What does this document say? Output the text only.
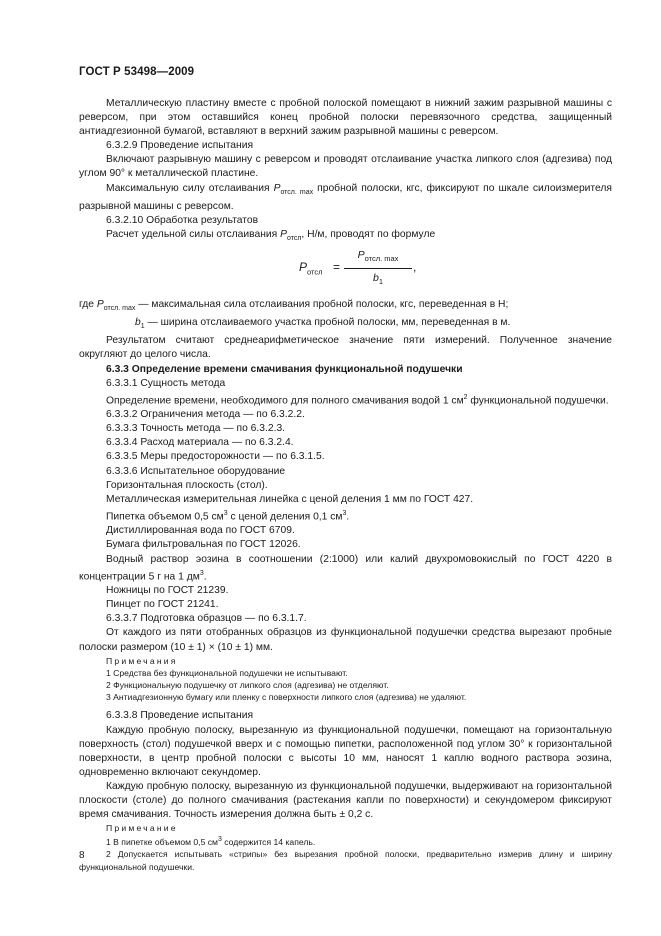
ГОСТ Р 53498—2009

Металлическую пластину вместе с пробной полоской помещают в нижний зажим разрывной машины с реверсом, при этом оставшийся конец пробной полоски перевязочного средства, защищенный антиадгезионной бумагой, вставляют в верхний зажим разрывной машины с реверсом.

6.3.2.9 Проведение испытания

Включают разрывную машину с реверсом и проводят отслаивание участка липкого слоя (адгезива) под углом 90° к металлической пластине.

Максимальную силу отслаивания $P_{отсл. max}$ пробной полоски, кгс, фиксируют по шкале силоизмерителя разрывной машины с реверсом.

6.3.2.10 Обработка результатов

Расчет удельной силы отслаивания $P_{отсл}$, Н/м, проводят по формуле

$P_{отсл}$ =
$P_{отсл. max}$
$b_1$
,

где $P_{отсл. max}$ — максимальная сила отслаивания пробной полоски, кгс, переведенная в Н;

$b_1$ — ширина отслаиваемого участка пробной полоски, мм, переведенная в м.

Результатом считают среднеарифметическое значение пяти измерений. Полученное значение округляют до целого числа.

6.3.3 Определение времени смачивания функциональной подушечки

6.3.3.1 Сущность метода

Определение времени, необходимого для полного смачивания водой 1 $см^2$ функциональной подушечки.

6.3.3.2 Ограничения метода — по 6.3.2.2.

6.3.3.3 Точность метода — по 6.3.2.3.

6.3.3.4 Расход материала — по 6.3.2.4.

6.3.3.5 Меры предосторожности — по 6.3.1.5.

6.3.3.6 Испытательное оборудование

Горизонтальная плоскость (стол).

Металлическая измерительная линейка с ценой деления 1 мм по ГОСТ 427.

Пипетка объемом 0,5 $см^3$ с ценой деления 0,1 $см^3$.

Дистиллированная вода по ГОСТ 6709.

Бумага фильтровальная по ГОСТ 12026.

Водный раствор эозина в соотношении (2:1000) или калий двухромовокислый по ГОСТ 4220 в концентрации 5 г на 1 $дм^3$.

Ножницы по ГОСТ 21239.

Пинцет по ГОСТ 21241.

6.3.3.7 Подготовка образцов — по 6.3.1.7.

От каждого из пяти отобранных образцов из функциональной подушечки средства вырезают пробные полоски размером (10 ± 1) × (10 ± 1) мм.

Примечания

1 Средства без функциональной подушечки не испытывают.

2 Функциональную подушечку от липкого слоя (адгезива) не отделяют.

3 Антиадгезионную бумагу или пленку с поверхности липкого слоя (адгезива) не удаляют.

6.3.3.8 Проведение испытания

Каждую пробную полоску, вырезанную из функциональной подушечки, помещают на горизонтальную поверхность (стол) подушечкой вверх и с помощью пипетки, расположенной под углом 30° к горизонтальной поверхности, в центр пробной полоски с высоты 10 мм, наносят 1 каплю водного раствора эозина, одновременно включают секундомер.

Каждую пробную полоску, вырезанную из функциональной подушечки, выдерживают на горизонтальной плоскости (столе) до полного смачивания (растекания капли по поверхности) и секундомером фиксируют время смачивания. Точность измерения должна быть ± 0,2 с.

Примечание

1 В пипетке объемом 0,5 $см^3$ содержится 14 капель.

2 Допускается испытывать «стрипы» без вырезания пробной полоски, предварительно измерив длину и ширину функциональной подушечки.

8
